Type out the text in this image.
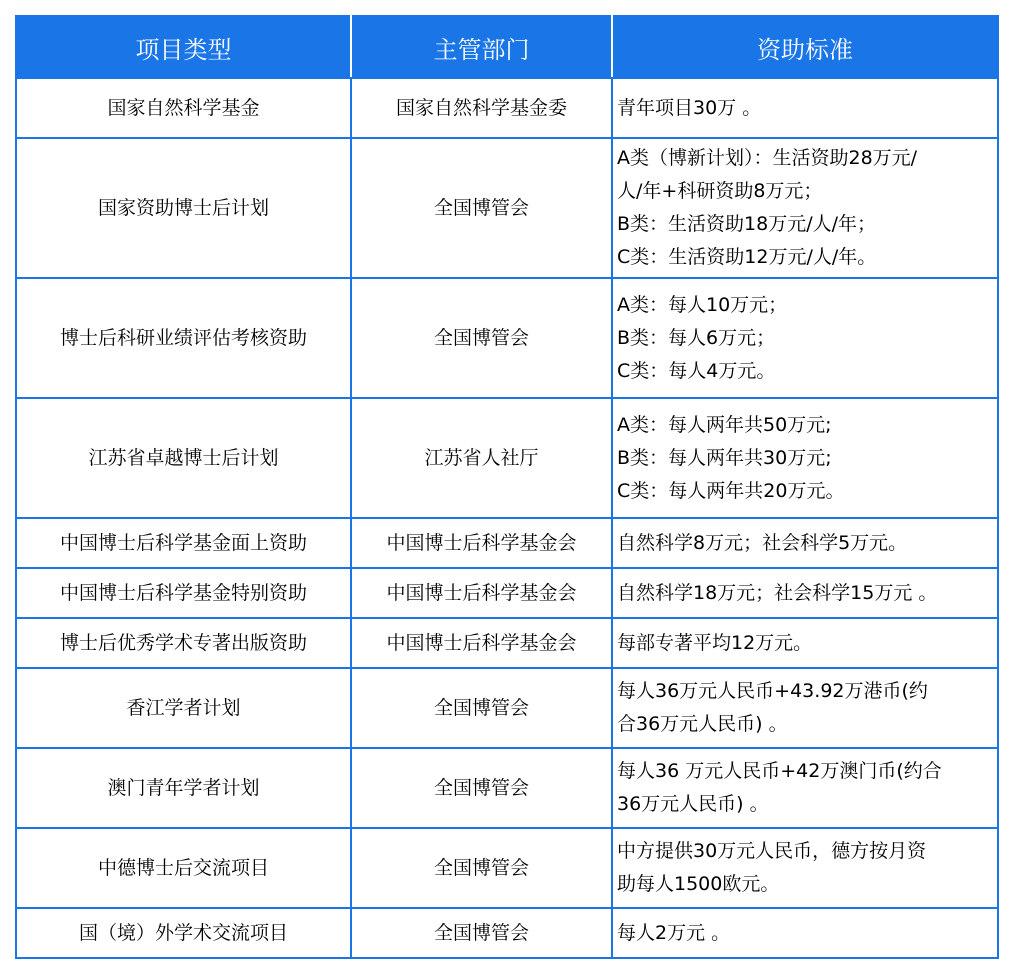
项目类型	主管部门	资助标准
国家自然科学基金	国家自然科学基金委	青年项目30万 。

国家资助博士后计划	全国博管会	A类（博新计划）：生活资助28万元/
人/年+科研资助8万元；
B类：生活资助18万元/人/年；
C类：生活资助12万元/人/年。

博士后科研业绩评估考核资助	全国博管会	A类：每人10万元；
B类：每人6万元；
C类：每人4万元。

江苏省卓越博士后计划	江苏省人社厅	A类：每人两年共50万元;
B类：每人两年共30万元;
C类：每人两年共20万元。

中国博士后科学基金面上资助	中国博士后科学基金会	自然科学8万元；社会科学5万元。

中国博士后科学基金特别资助	中国博士后科学基金会	自然科学18万元；社会科学15万元 。

博士后优秀学术专著出版资助	中国博士后科学基金会	每部专著平均12万元。

香江学者计划	全国博管会	每人36万元人民币+43.92万港币(约
合36万元人民币) 。

澳门青年学者计划	全国博管会	每人36 万元人民币+42万澳门币(约合
36万元人民币) 。

中德博士后交流项目	全国博管会	中方提供30万元人民币，德方按月资
助每人1500欧元。

国（境）外学术交流项目	全国博管会	每人2万元 。
